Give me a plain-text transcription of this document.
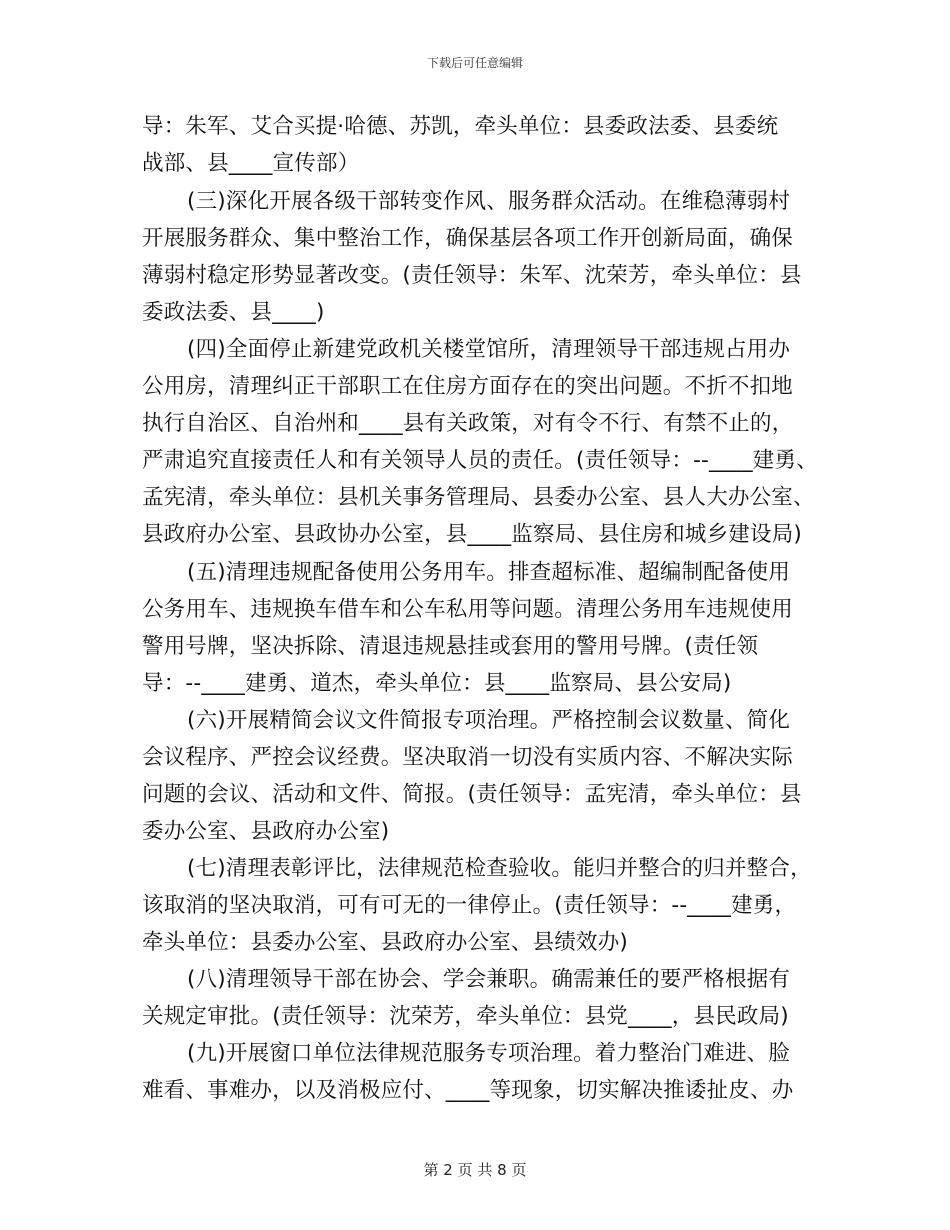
下载后可任意编辑
导：朱军、艾合买提·哈德、苏凯，牵头单位：县委政法委、县委统
战部、县____宣传部）
(三)深化开展各级干部转变作风、服务群众活动。在维稳薄弱村
开展服务群众、集中整治工作，确保基层各项工作开创新局面，确保
薄弱村稳定形势显著改变。(责任领导：朱军、沈荣芳，牵头单位：县
委政法委、县____)
(四)全面停止新建党政机关楼堂馆所，清理领导干部违规占用办
公用房，清理纠正干部职工在住房方面存在的突出问题。不折不扣地
执行自治区、自治州和____县有关政策，对有令不行、有禁不止的，
严肃追究直接责任人和有关领导人员的责任。(责任领导：--____建勇、
孟宪清，牵头单位：县机关事务管理局、县委办公室、县人大办公室、
县政府办公室、县政协办公室，县____监察局、县住房和城乡建设局)
(五)清理违规配备使用公务用车。排查超标准、超编制配备使用
公务用车、违规换车借车和公车私用等问题。清理公务用车违规使用
警用号牌，坚决拆除、清退违规悬挂或套用的警用号牌。(责任领
导：--____建勇、道杰，牵头单位：县____监察局、县公安局)
(六)开展精简会议文件简报专项治理。严格控制会议数量、简化
会议程序、严控会议经费。坚决取消一切没有实质内容、不解决实际
问题的会议、活动和文件、简报。(责任领导：孟宪清，牵头单位：县
委办公室、县政府办公室)
(七)清理表彰评比，法律规范检查验收。能归并整合的归并整合，
该取消的坚决取消，可有可无的一律停止。(责任领导：--____建勇，
牵头单位：县委办公室、县政府办公室、县绩效办)
(八)清理领导干部在协会、学会兼职。确需兼任的要严格根据有
关规定审批。(责任领导：沈荣芳，牵头单位：县党____，县民政局)
(九)开展窗口单位法律规范服务专项治理。着力整治门难进、脸
难看、事难办，以及消极应付、____等现象，切实解决推诿扯皮、办
第 2 页 共 8 页
